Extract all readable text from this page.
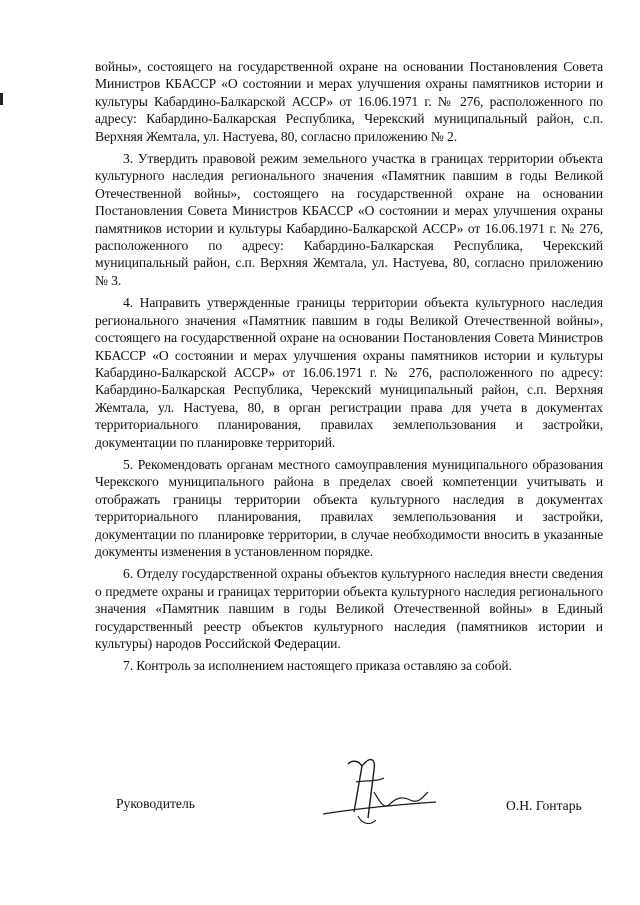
войны», состоящего на государственной охране на основании Постановления Совета Министров КБАССР «О состоянии и мерах улучшения охраны памятников истории и культуры Кабардино-Балкарской АССР» от 16.06.1971 г. № 276, расположенного по адресу: Кабардино-Балкарская Республика, Черекский муниципальный район, с.п. Верхняя Жемтала, ул. Настуева, 80, согласно приложению № 2.

3. Утвердить правовой режим земельного участка в границах территории объекта культурного наследия регионального значения «Памятник павшим в годы Великой Отечественной войны», состоящего на государственной охране на основании Постановления Совета Министров КБАССР «О состоянии и мерах улучшения охраны памятников истории и культуры Кабардино-Балкарской АССР» от 16.06.1971 г. № 276, расположенного по адресу: Кабардино-Балкарская Республика, Черекский муниципальный район, с.п. Верхняя Жемтала, ул. Настуева, 80, согласно приложению № 3.

4. Направить утвержденные границы территории объекта культурного наследия регионального значения «Памятник павшим в годы Великой Отечественной войны», состоящего на государственной охране на основании Постановления Совета Министров КБАССР «О состоянии и мерах улучшения охраны памятников истории и культуры Кабардино-Балкарской АССР» от 16.06.1971 г. № 276, расположенного по адресу: Кабардино-Балкарская Республика, Черекский муниципальный район, с.п. Верхняя Жемтала, ул. Настуева, 80, в орган регистрации права для учета в документах территориального планирования, правилах землепользования и застройки, документации по планировке территорий.

5. Рекомендовать органам местного самоуправления муниципального образования Черекского муниципального района в пределах своей компетенции учитывать и отображать границы территории объекта культурного наследия в документах территориального планирования, правилах землепользования и застройки, документации по планировке территории, в случае необходимости вносить в указанные документы изменения в установленном порядке.

6. Отделу государственной охраны объектов культурного наследия внести сведения о предмете охраны и границах территории объекта культурного наследия регионального значения «Памятник павшим в годы Великой Отечественной войны» в Единый государственный реестр объектов культурного наследия (памятников истории и культуры) народов Российской Федерации.

7. Контроль за исполнением настоящего приказа оставляю за собой.

Руководитель	О.Н. Гонтарь
